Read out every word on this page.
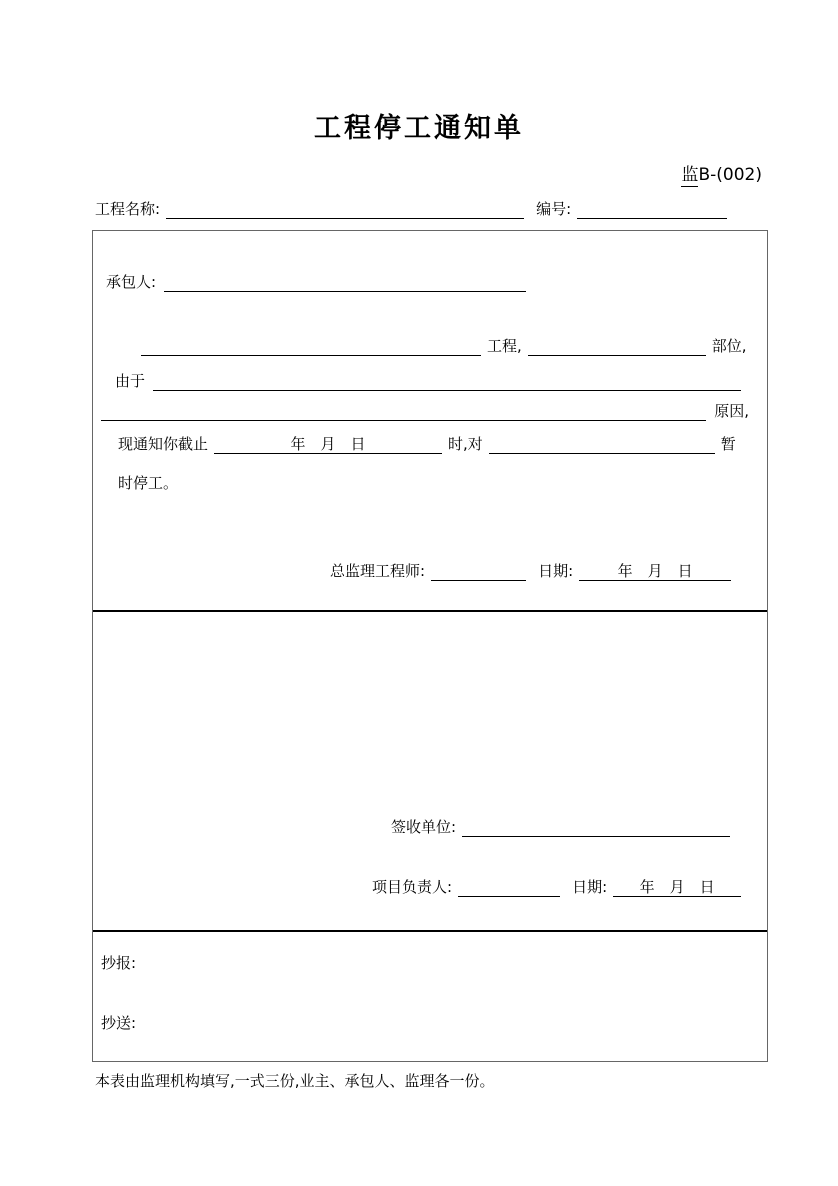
工程停工通知单
监B-(002)
工程名称:	编号:
承包人:
工程,	部位,
由于
原因,
现通知你截止	年　月　日	时,对	暂
时停工。
总监理工程师:	日期:	年　月　日
签收单位:
项目负责人:	日期:	年　月　日
抄报:
抄送:
本表由监理机构填写,一式三份,业主、承包人、监理各一份。
